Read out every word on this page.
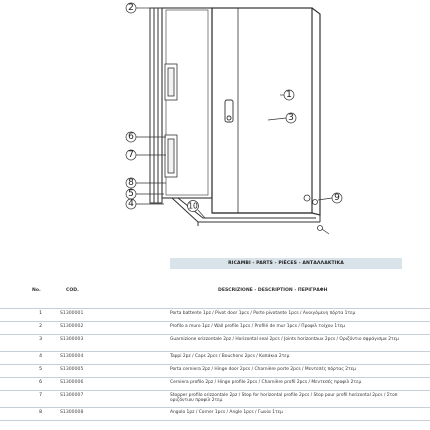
2
1
6
7
8
5
4
3
10
9
RICAMBI - PARTS - PIÈCES - ΑΝΤΑΛΛΑΚΤΙΚΑ
No.	COD.	DESCRIZIONE - DESCRIPTION - ΠΕΡΙΓΡΑΦΗ
1	S1300001	Porta battente 1pz / Pivot door 1pcs / Porte pivotante 1pcs / Ανοιγόμενη πόρτα 1τεμ
2	S1300002	Profilo a muro 1pz / Wall profile 1pcs / Profilé de mur 1pcs / Προφίλ τοίχου 1τεμ
3	S1300003	Guarnizione orizzontale 2pz / Horizontal seal 2pcs / Joints horizontaux 2pcs / Οριζόντιο σφράγισμα 2τεμ
4	S1300004	Tappi 2pz / Caps 2pcs / Bouchons 2pcs / Καπάκια 2τεμ
5	S1300005	Porta cerniera 2pz / Hinge door 2pcs / Charnière porte 2pcs / Μεντεσές πόρτας 2τεμ
6	S1300006	Cerniera profilo 2pz / Hinge profile 2pcs / Charnière profil 2pcs / Μεντεσές προφίλ 2τεμ
7	S1300007	Stopper profilo orizzontale 2pz / Stop for horizontal profile 2pcs / Stop pour profil horizontal 2pcs / Στοπ οριζόντιου προφίλ 2τεμ
8	S1300008	Angolo 1pz / Corner 1pcs / Angle 1pcs / Γωνία 1τεμ
